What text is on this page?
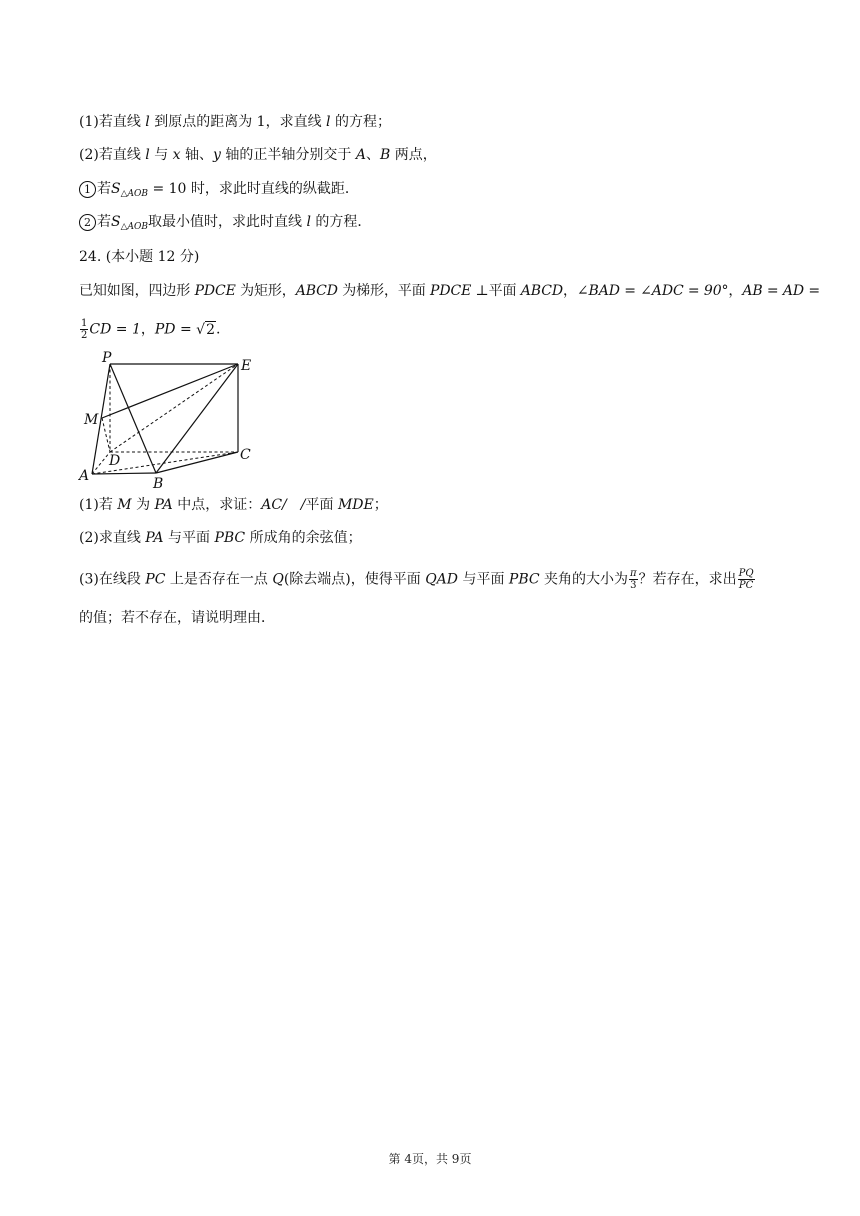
(1)若直线 l 到原点的距离为 1，求直线 l 的方程；
(2)若直线 l 与 x 轴、y 轴的正半轴分别交于 A、B 两点，
1 若$S_{\triangle AOB} = 10$ 时，求此时直线的纵截距．
2 若$S_{\triangle AOB}$取最小值时，求此时直线 l 的方程．
24. (本小题 12 分)
已知如图，四边形 PDCE 为矩形，ABCD 为梯形，平面 PDCE ⊥平面 ABCD，∠BAD = ∠ADC = 90°，AB = AD =
$\frac{1}{2}$ CD = 1，PD = √2.
P	E
M
D	C
A	B
(1)若 M 为 PA 中点，求证：AC/　/平面 MDE；
(2)求直线 PA 与平面 PBC 所成角的余弦值；
(3)在线段 PC 上是否存在一点 Q(除去端点)，使得平面 QAD 与平面 PBC 夹角的大小为 $\frac{\pi}{3}$ ？若存在，求出 $\frac{PQ}{PC}$
的值；若不存在，请说明理由．
第 4页，共 9页
